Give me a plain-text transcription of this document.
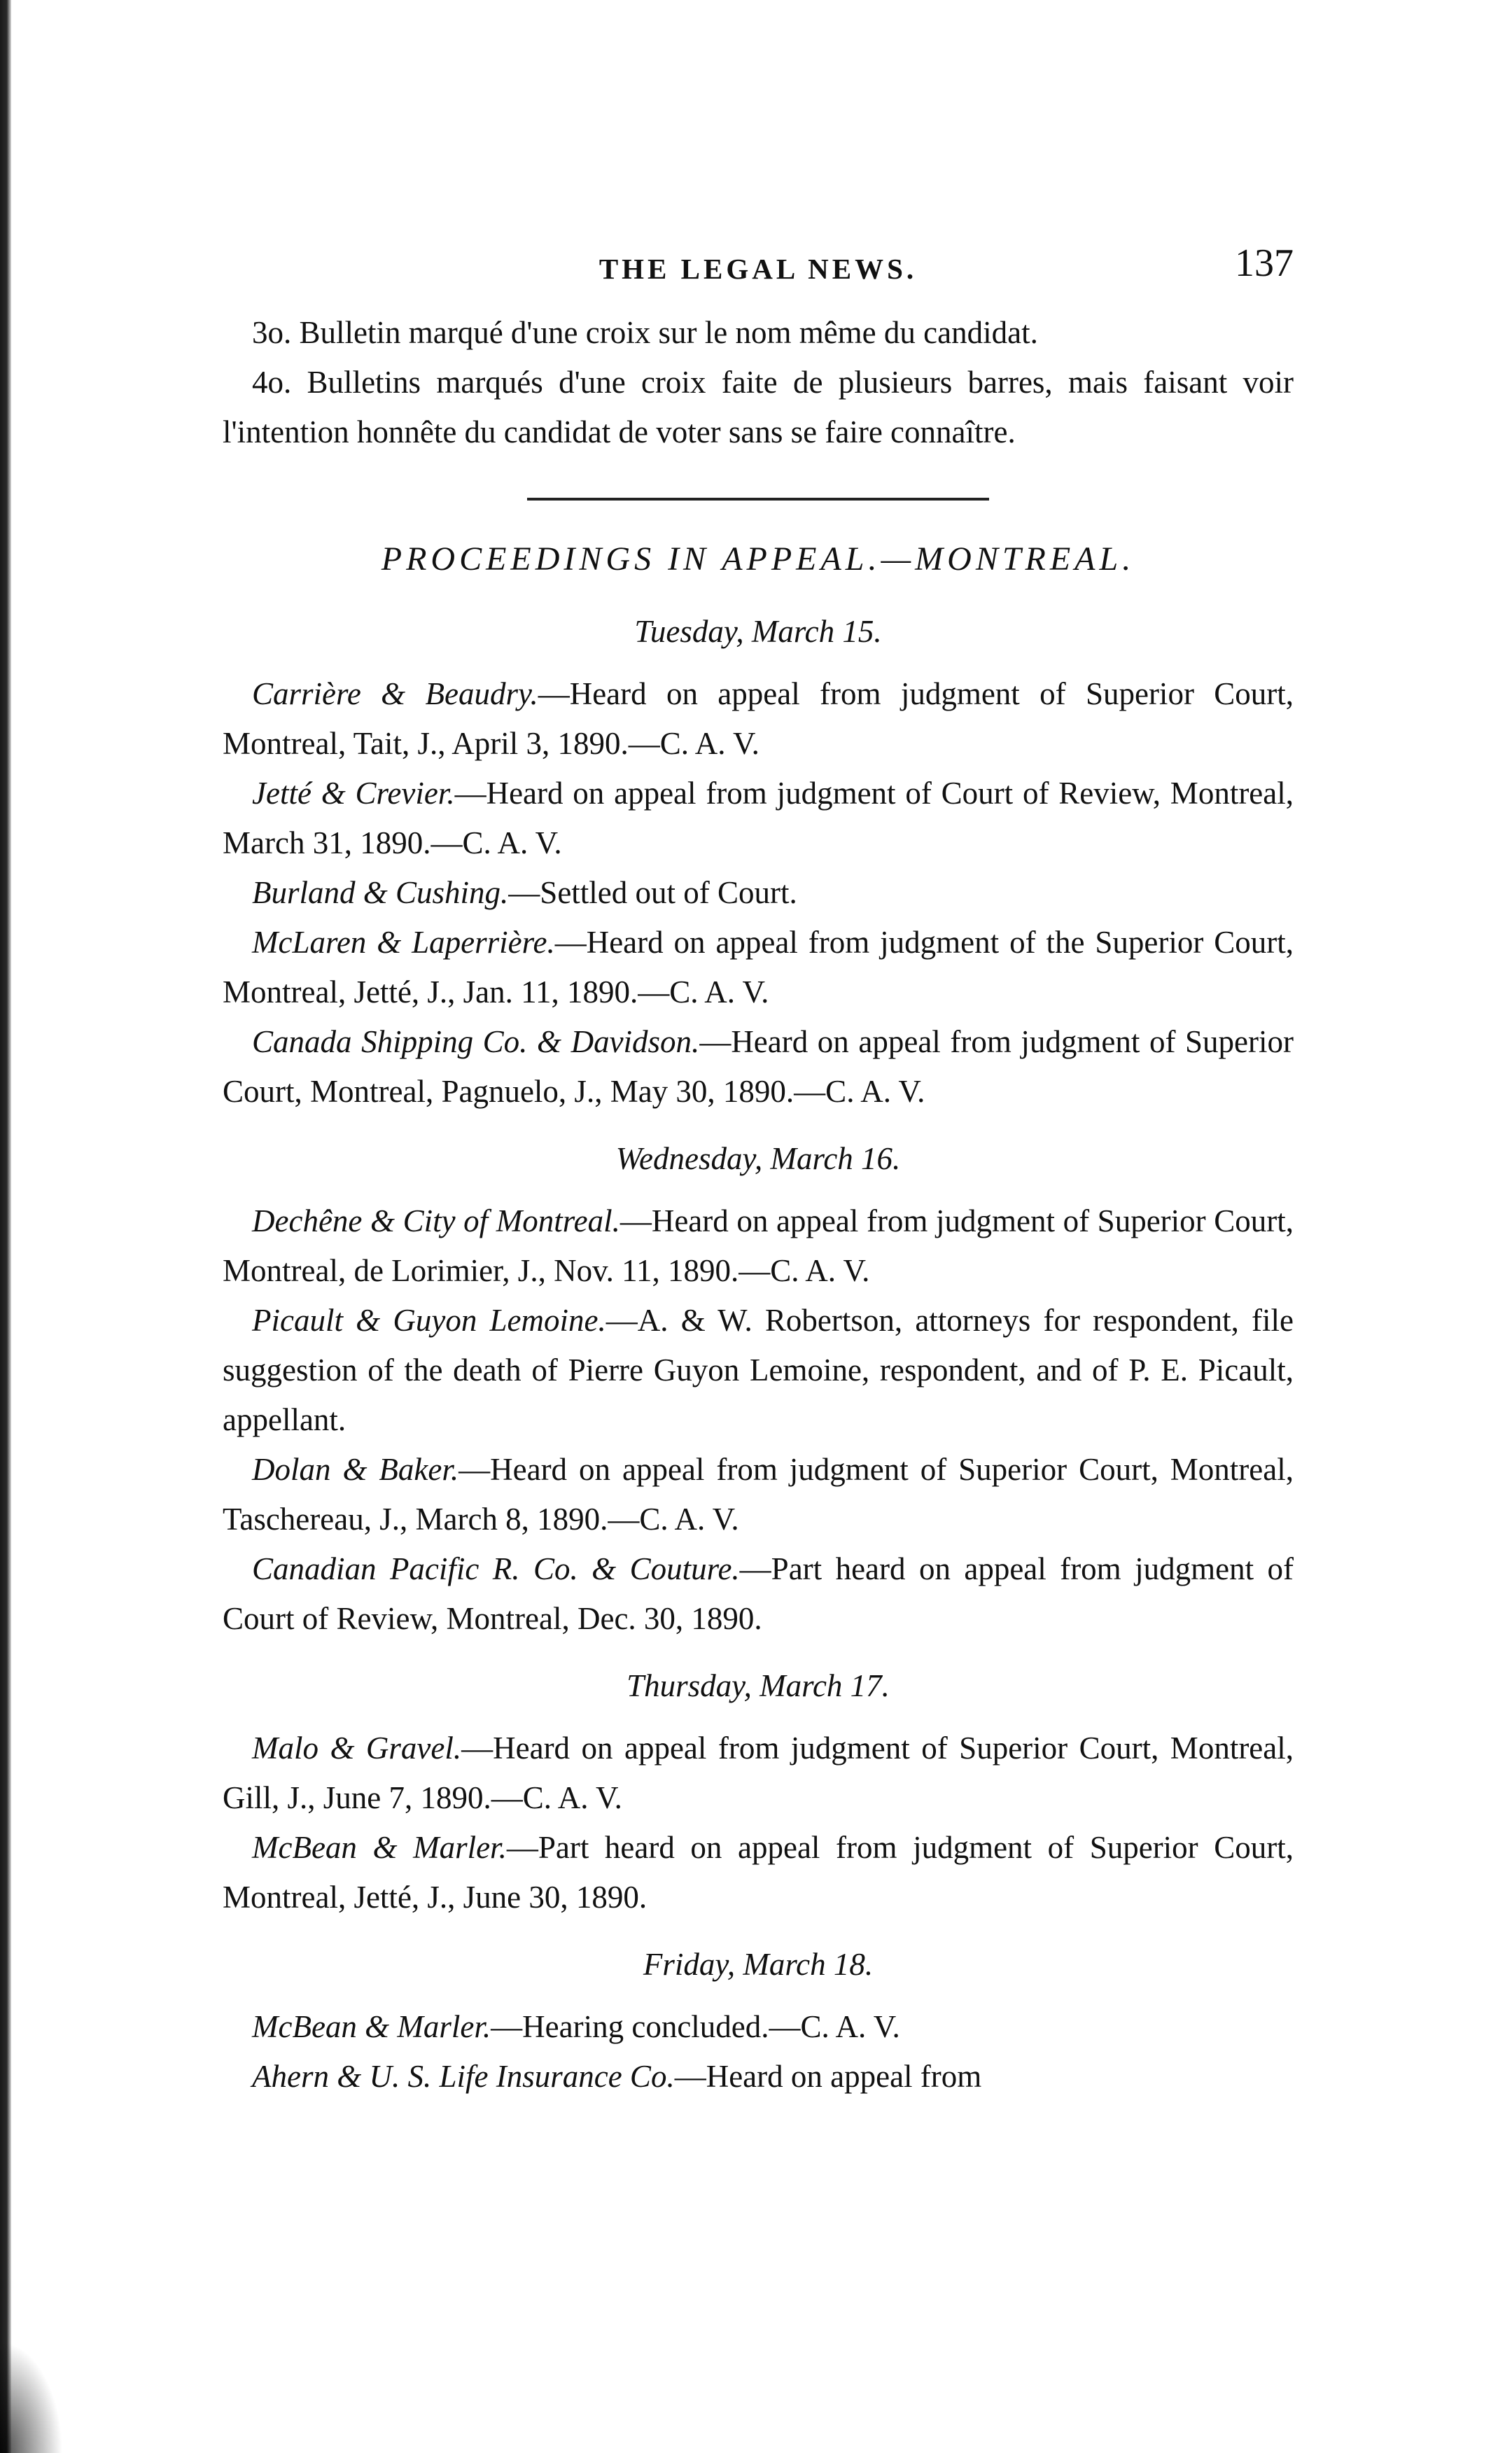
THE LEGAL NEWS.	137

3o. Bulletin marqué d'une croix sur le nom même du candidat.

4o. Bulletins marqués d'une croix faite de plusieurs barres, mais faisant voir l'intention honnête du candidat de voter sans se faire connaître.

PROCEEDINGS IN APPEAL.—MONTREAL.
Tuesday, March 15.

Carrière & Beaudry.—Heard on appeal from judgment of Superior Court, Montreal, Tait, J., April 3, 1890.—C. A. V.

Jetté & Crevier.—Heard on appeal from judgment of Court of Review, Montreal, March 31, 1890.—C. A. V.

Burland & Cushing.—Settled out of Court.

McLaren & Laperrière.—Heard on appeal from judgment of the Superior Court, Montreal, Jetté, J., Jan. 11, 1890.—C. A. V.

Canada Shipping Co. & Davidson.—Heard on appeal from judgment of Superior Court, Montreal, Pagnuelo, J., May 30, 1890.—C. A. V.

Wednesday, March 16.

Dechêne & City of Montreal.—Heard on appeal from judgment of Superior Court, Montreal, de Lorimier, J., Nov. 11, 1890.—C. A. V.

Picault & Guyon Lemoine.—A. & W. Robertson, attorneys for respondent, file suggestion of the death of Pierre Guyon Lemoine, respondent, and of P. E. Picault, appellant.

Dolan & Baker.—Heard on appeal from judgment of Superior Court, Montreal, Taschereau, J., March 8, 1890.—C. A. V.

Canadian Pacific R. Co. & Couture.—Part heard on appeal from judgment of Court of Review, Montreal, Dec. 30, 1890.

Thursday, March 17.

Malo & Gravel.—Heard on appeal from judgment of Superior Court, Montreal, Gill, J., June 7, 1890.—C. A. V.

McBean & Marler.—Part heard on appeal from judgment of Superior Court, Montreal, Jetté, J., June 30, 1890.

Friday, March 18.

McBean & Marler.—Hearing concluded.—C. A. V.

Ahern & U. S. Life Insurance Co.—Heard on appeal from
